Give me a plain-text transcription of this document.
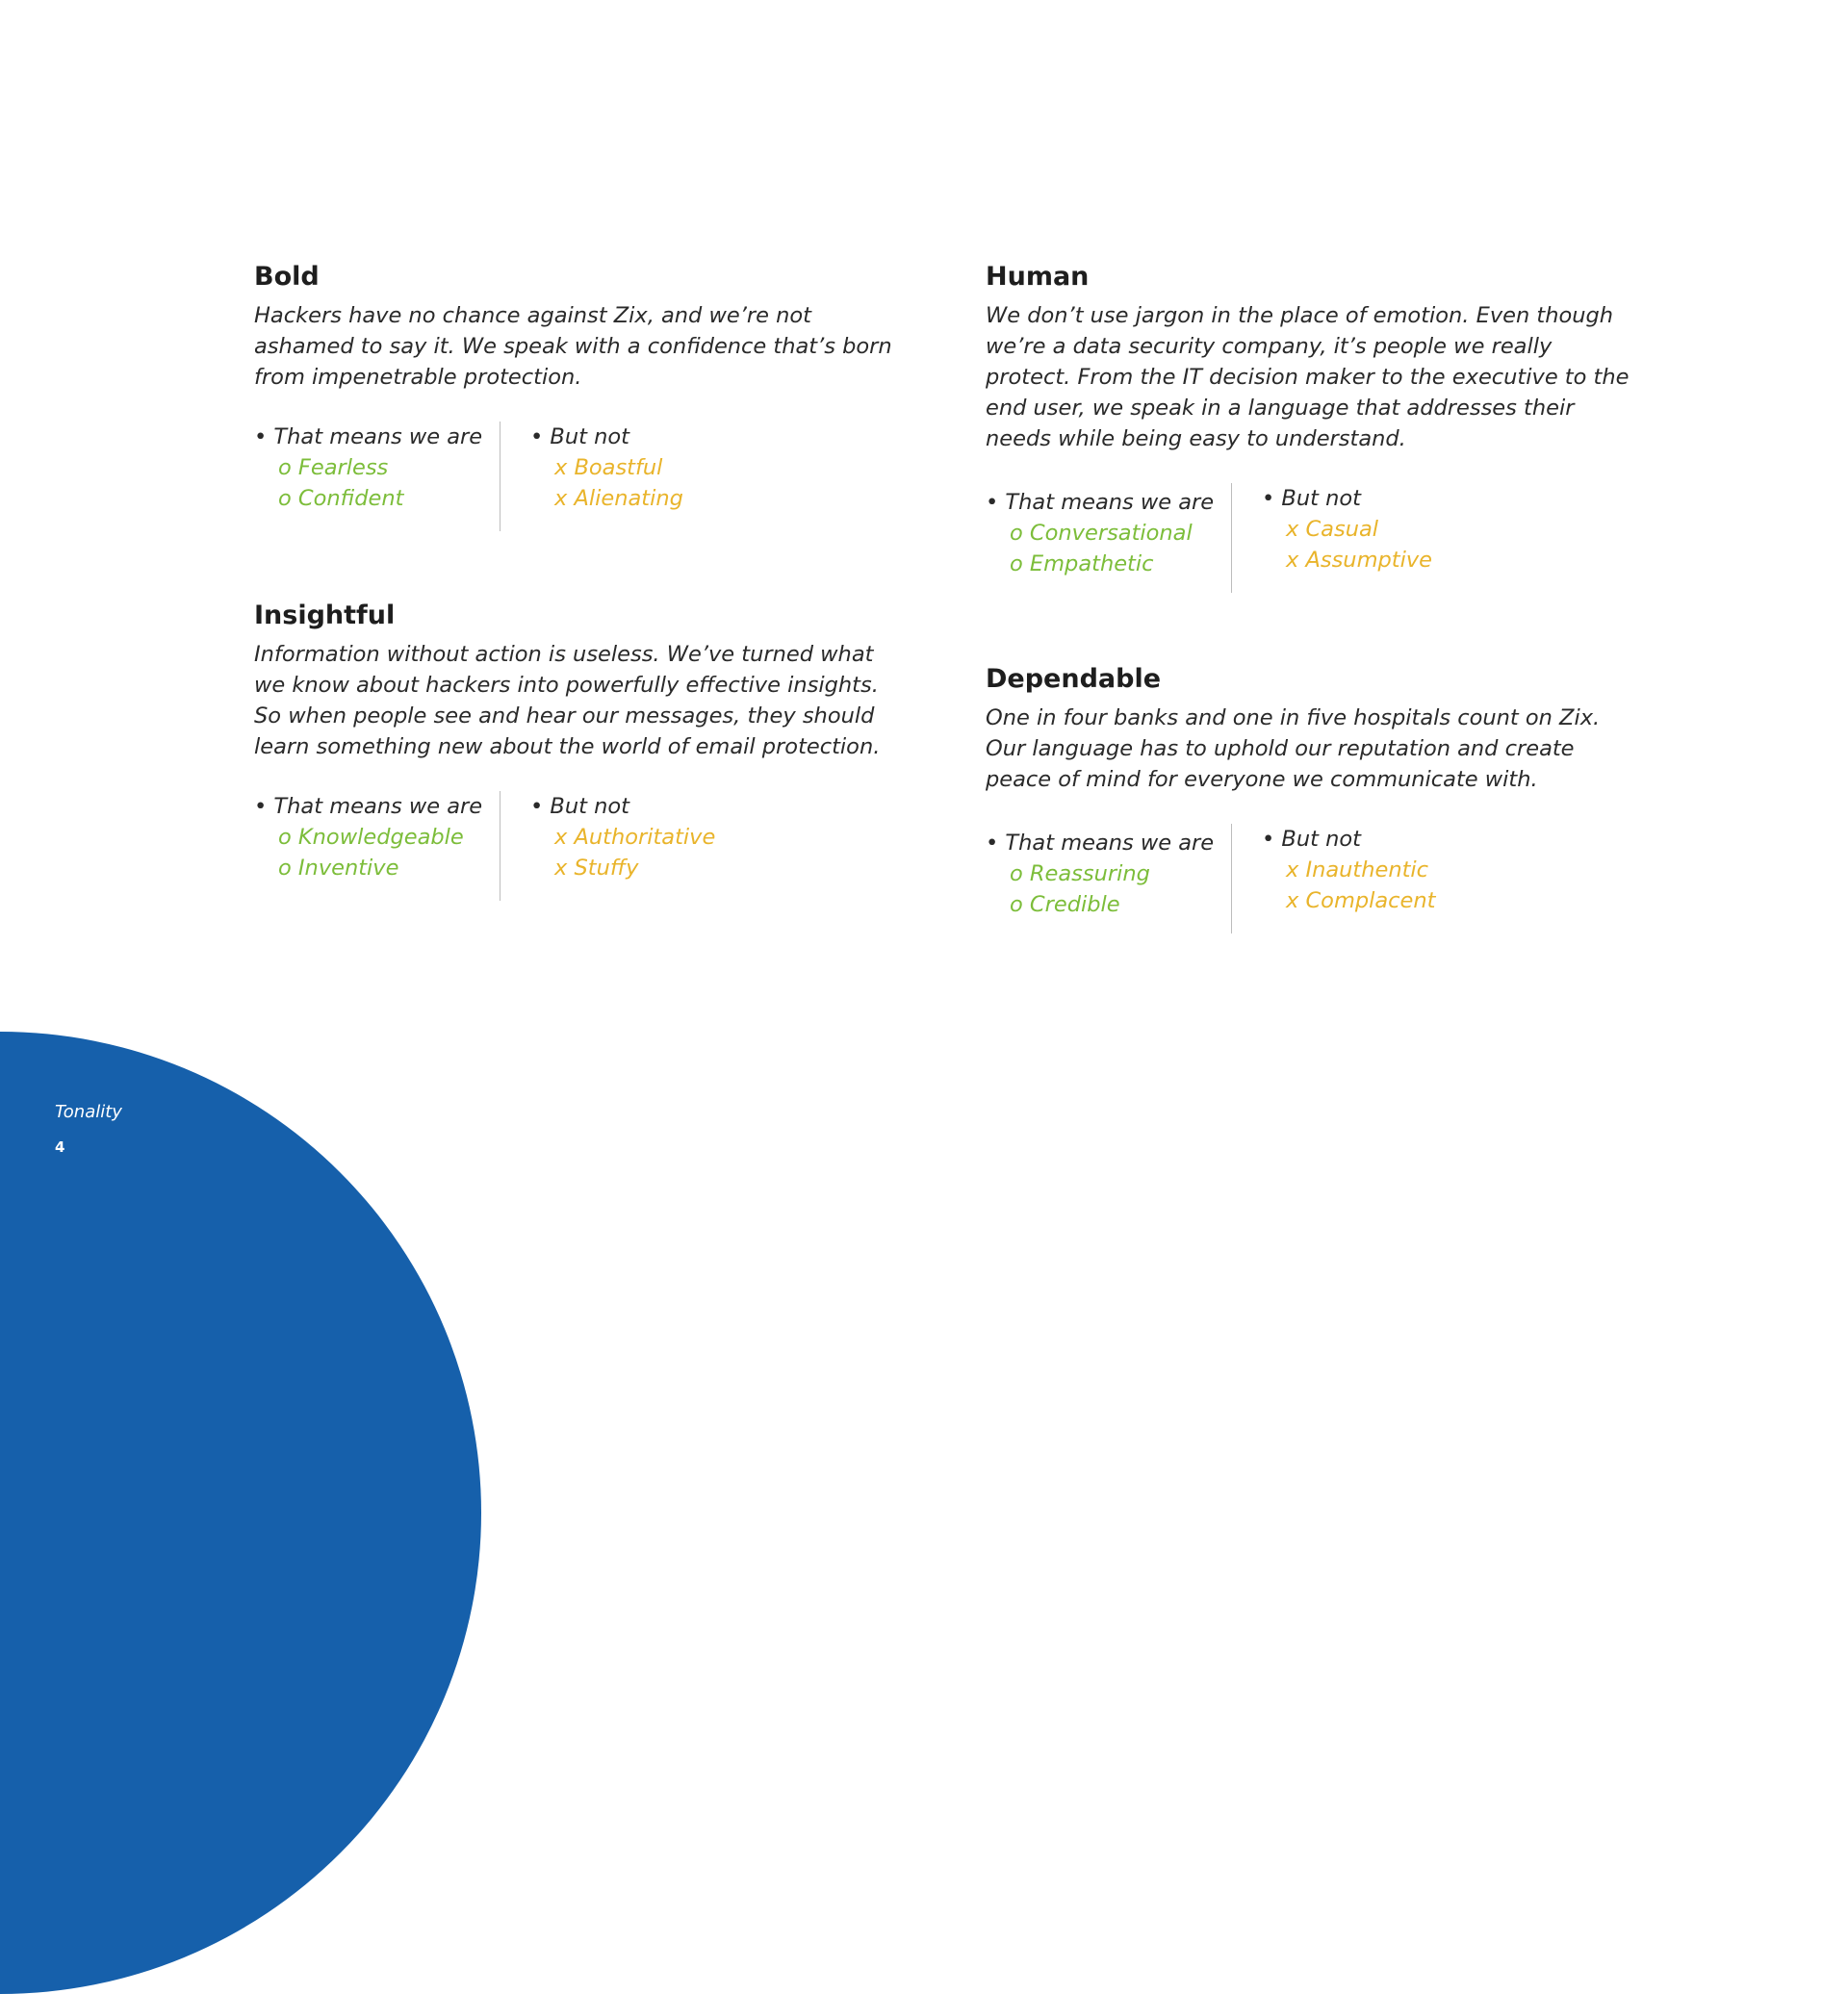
Bold

Hackers have no chance against Zix, and we’re not ashamed to say it. We speak with a confidence that’s born from impenetrable protection.

• That means we are
o Fearless
o Confident
• But not
x Boastful
x Alienating
Human

We don’t use jargon in the place of emotion. Even though we’re a data security company, it’s people we really protect. From the IT decision maker to the executive to the end user, we speak in a language that addresses their needs while being easy to understand.

• That means we are
o Conversational
o Empathetic
• But not
x Casual
x Assumptive
Insightful

Information without action is useless. We’ve turned what we know about hackers into powerfully effective insights. So when people see and hear our messages, they should learn something new about the world of email protection.

• That means we are
o Knowledgeable
o Inventive
• But not
x Authoritative
x Stuffy
Dependable

One in four banks and one in five hospitals count on Zix. Our language has to uphold our reputation and create peace of mind for everyone we communicate with.

• That means we are
o Reassuring
o Credible
• But not
x Inauthentic
x Complacent
Tonality
4
